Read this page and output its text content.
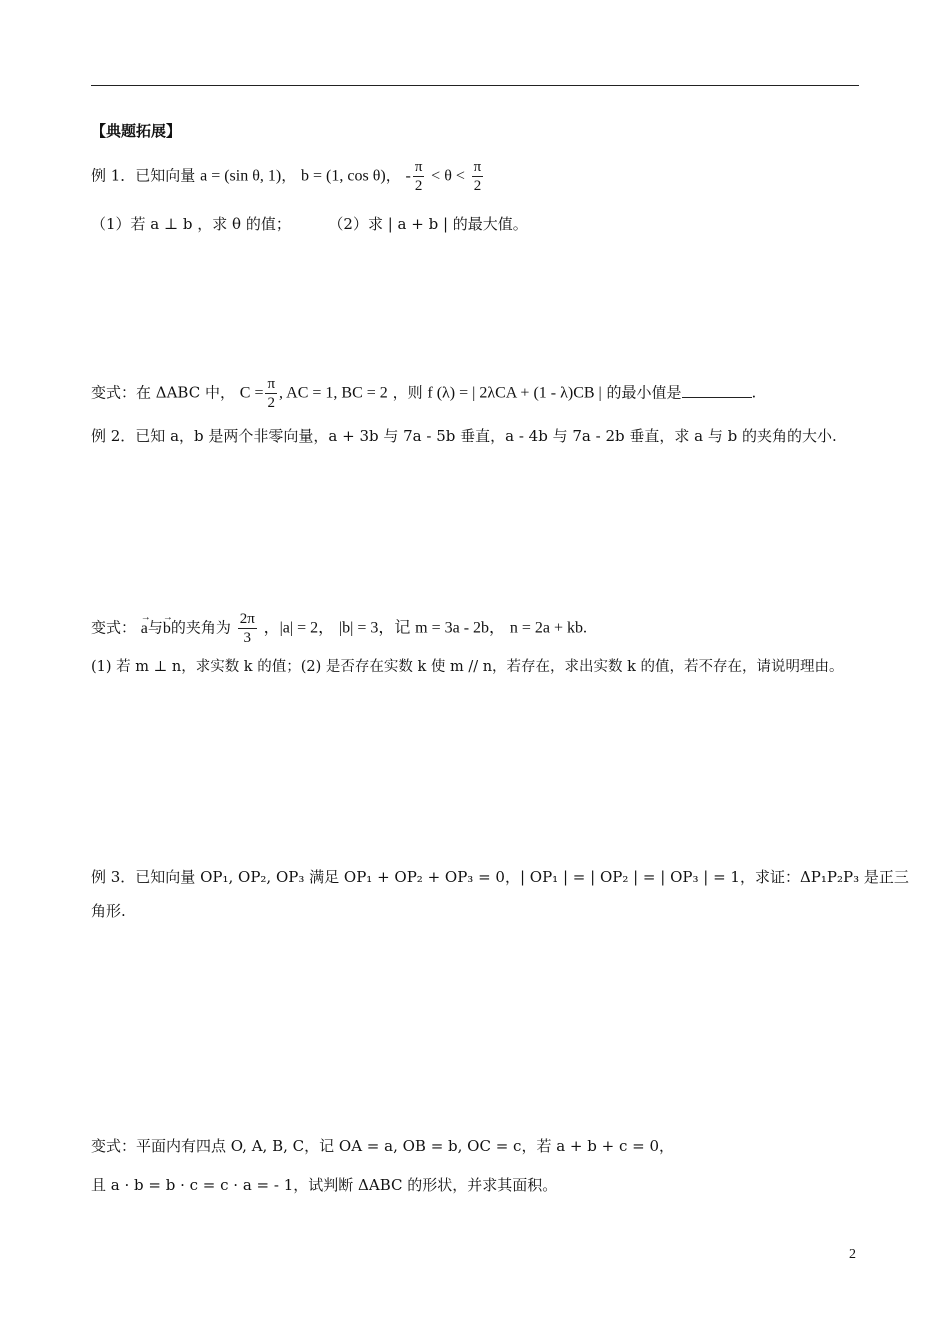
【典题拓展】
例 1．已知向量 a = (sin θ, 1)， b = (1, cos θ)， - $\frac{\pi}{2} < \theta < \frac{\pi}{2}$
（1）若 a ⊥ b ，求 θ 的值；	（2）求 | a + b | 的最大值。
变式：在 ΔABC 中， $C = \frac{\pi}{2}$ , AC = 1, BC = 2 ，则 f (λ) = | 2λCA + (1 - λ)CB | 的最小值是	.
例 2．已知 a，b 是两个非零向量，a + 3b 与 7a - 5b 垂直，a - 4b 与 7a - 2b 垂直，求 a 与 b 的夹角的大小.
变式： → a与→ b的夹角为 $\frac{2\pi}{3}$ ，|a| = 2， |b| = 3，记 m = 3a - 2b， n = 2a + kb.
(1) 若 m ⊥ n，求实数 k 的值；(2) 是否存在实数 k 使 m // n，若存在，求出实数 k 的值，若不存在，请说明理由。
例 3．已知向量 OP₁, OP₂, OP₃ 满足 OP₁ + OP₂ + OP₃ = 0，| OP₁ | = | OP₂ | = | OP₃ | = 1，求证：ΔP₁P₂P₃ 是正三
角形.
变式：平面内有四点 O, A, B, C，记 OA = a, OB = b, OC = c，若 a + b + c = 0，
且 a · b = b · c = c · a = - 1，试判断 ΔABC 的形状，并求其面积。
2
